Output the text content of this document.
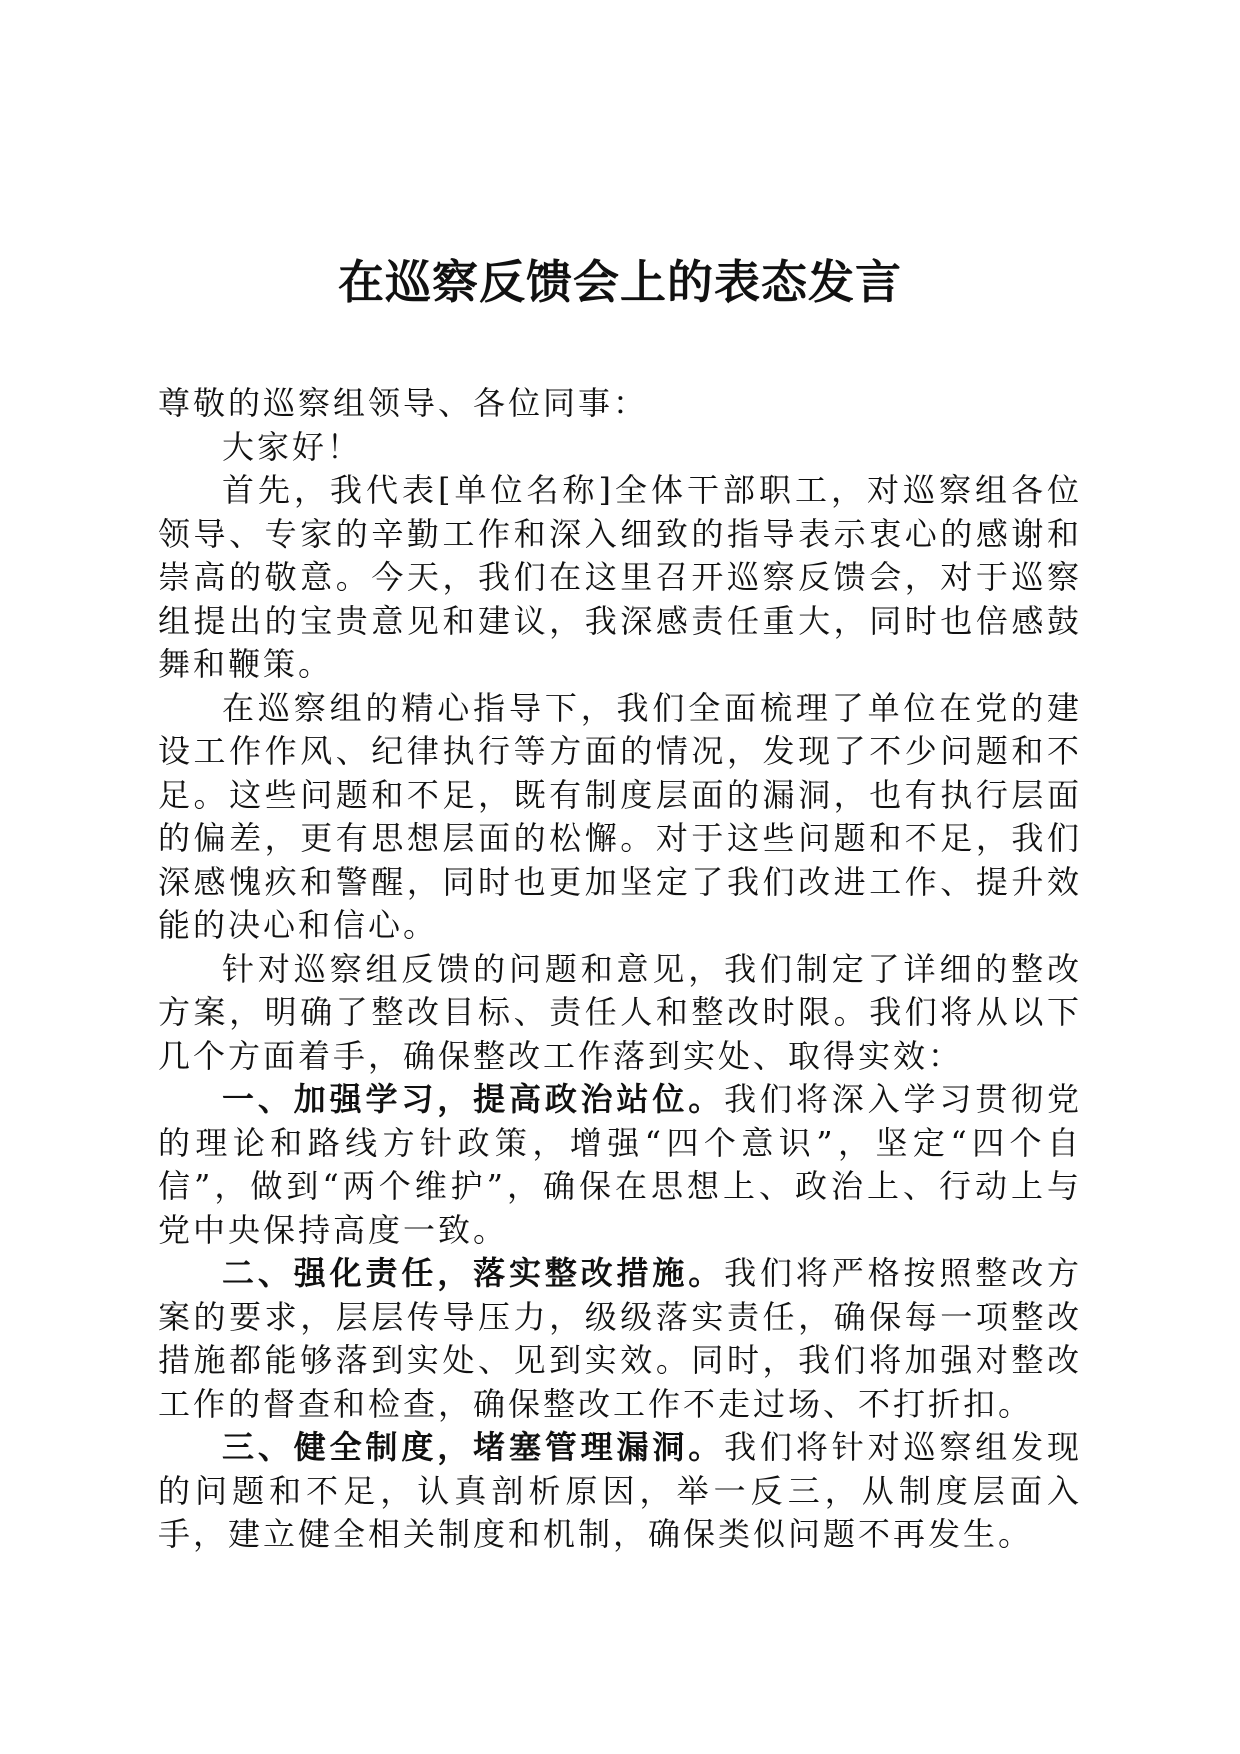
在巡察反馈会上的表态发言

尊敬的巡察组领导、各位同事：

大家好！

首先，我代表[单位名称]全体干部职工，对巡察组各位领导、专家的辛勤工作和深入细致的指导表示衷心的感谢和崇高的敬意。今天，我们在这里召开巡察反馈会，对于巡察组提出的宝贵意见和建议，我深感责任重大，同时也倍感鼓舞和鞭策。

在巡察组的精心指导下，我们全面梳理了单位在党的建设工作作风、纪律执行等方面的情况，发现了不少问题和不足。这些问题和不足，既有制度层面的漏洞，也有执行层面的偏差，更有思想层面的松懈。对于这些问题和不足，我们深感愧疚和警醒，同时也更加坚定了我们改进工作、提升效能的决心和信心。

针对巡察组反馈的问题和意见，我们制定了详细的整改方案，明确了整改目标、责任人和整改时限。我们将从以下几个方面着手，确保整改工作落到实处、取得实效：

一、加强学习，提高政治站位。我们将深入学习贯彻党的理论和路线方针政策，增强“四个意识”，坚定“四个自信”，做到“两个维护”，确保在思想上、政治上、行动上与党中央保持高度一致。

二、强化责任，落实整改措施。我们将严格按照整改方案的要求，层层传导压力，级级落实责任，确保每一项整改措施都能够落到实处、见到实效。同时，我们将加强对整改工作的督查和检查，确保整改工作不走过场、不打折扣。

三、健全制度，堵塞管理漏洞。我们将针对巡察组发现的问题和不足，认真剖析原因，举一反三，从制度层面入手，建立健全相关制度和机制，确保类似问题不再发生。
